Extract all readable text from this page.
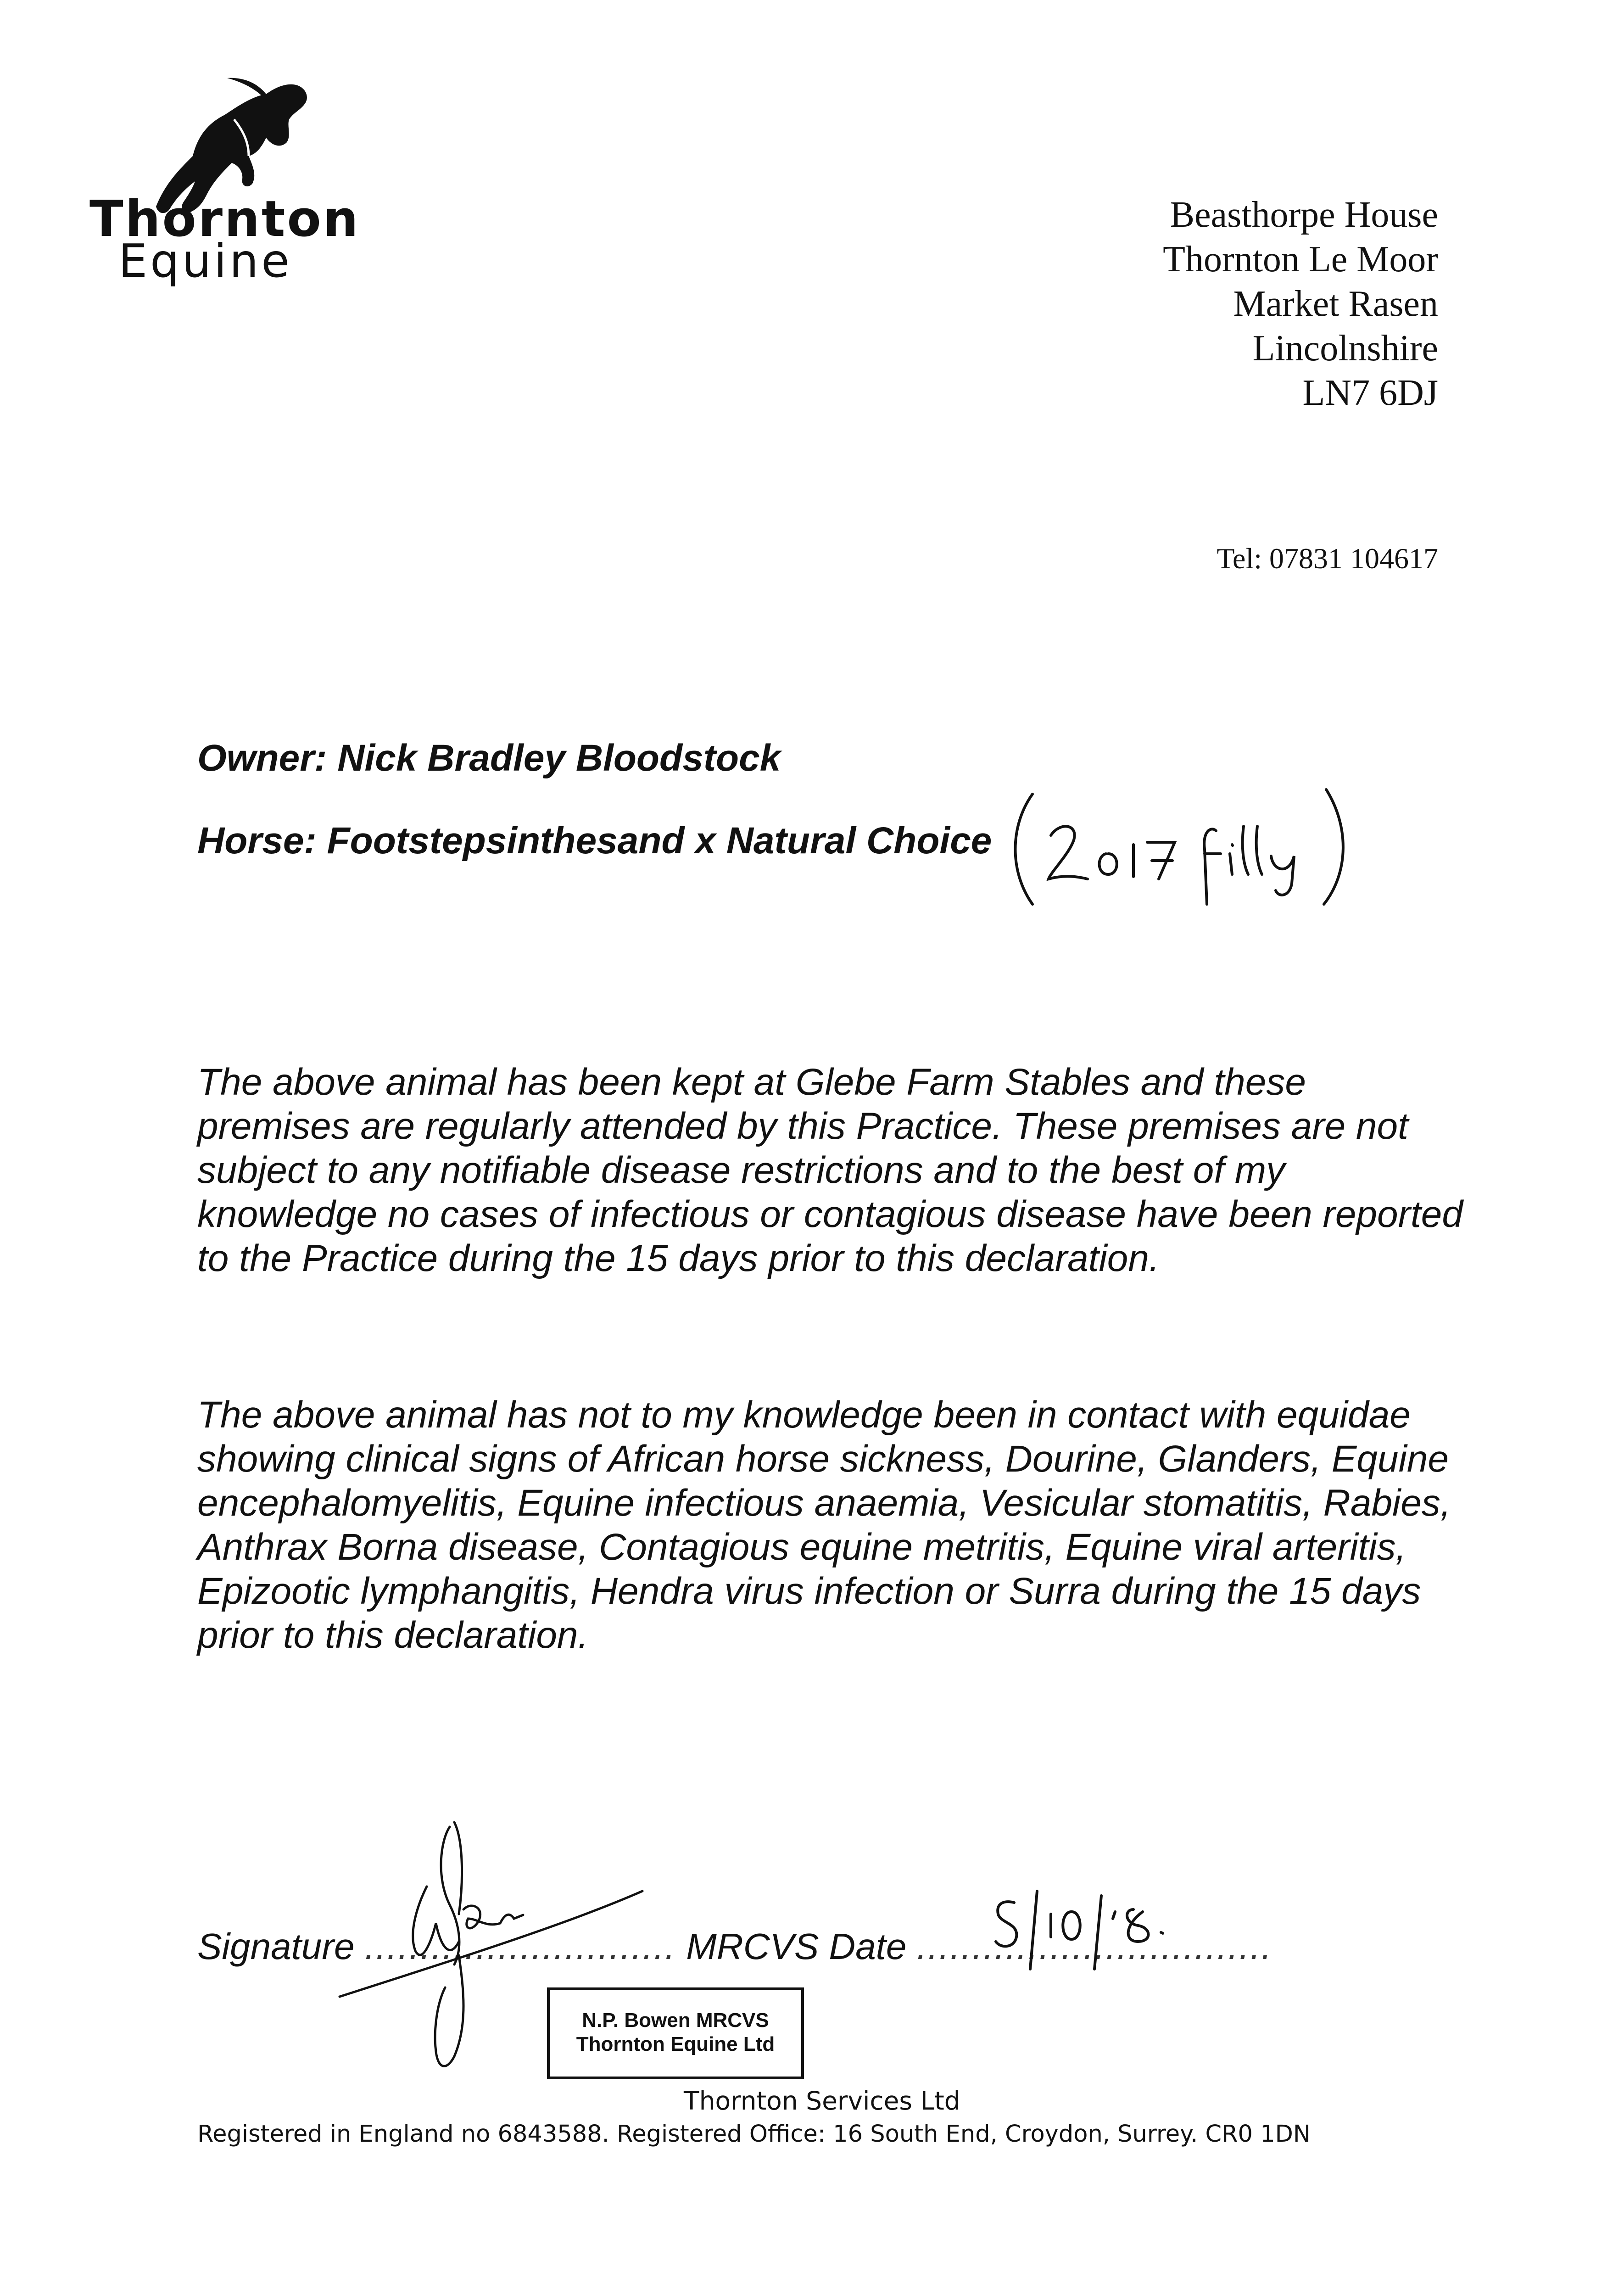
Thornton
Equine
Beasthorpe House
Thornton Le Moor
Market Rasen
Lincolnshire
LN7 6DJ
Tel: 07831 104617
Owner: Nick Bradley Bloodstock
Horse: Footstepsinthesand x Natural Choice
The above animal has been kept at Glebe Farm Stables and these premises are regularly attended by this Practice. These premises are not subject to any notifiable disease restrictions and to the best of my knowledge no cases of infectious or contagious disease have been reported to the Practice during the 15 days prior to this declaration.
The above animal has not to my knowledge been in contact with equidae showing clinical signs of African horse sickness, Dourine, Glanders, Equine encephalomyelitis, Equine infectious anaemia, Vesicular stomatitis, Rabies, Anthrax Borna disease, Contagious equine metritis, Equine viral arteritis, Epizootic lymphangitis, Hendra virus infection or Surra during the 15 days prior to this declaration.
Signature ............................ MRCVS Date ................................
N.P. Bowen MRCVS
Thornton Equine Ltd
Thornton Services Ltd
Registered in England no 6843588. Registered Office: 16 South End, Croydon, Surrey. CR0 1DN
